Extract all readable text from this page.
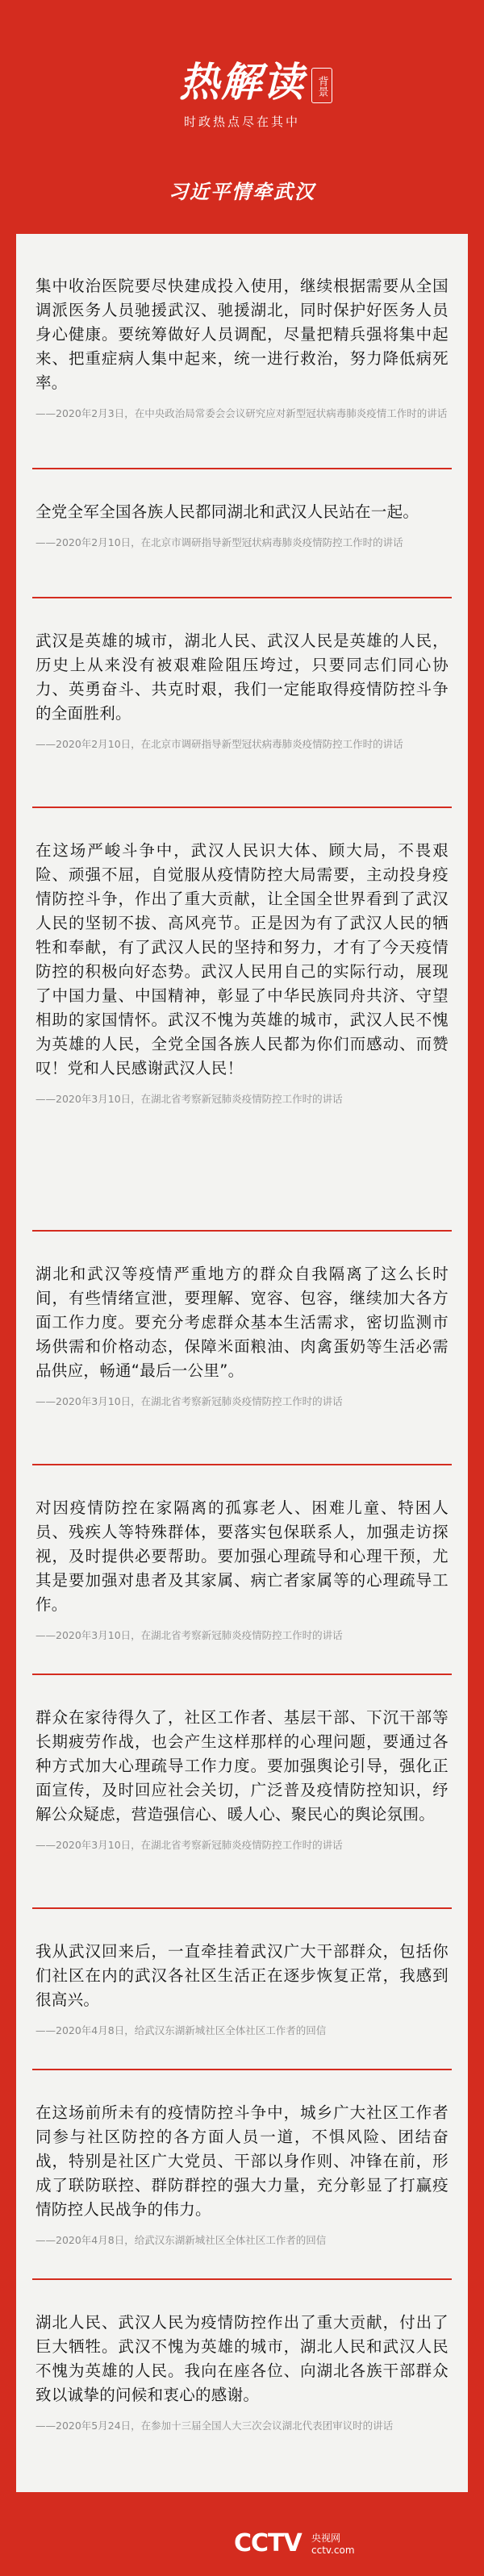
热解读	背景
时政热点尽在其中
习近平情牵武汉
集中收治医院要尽快建成投入使用，继续根据需要从全国调派医务人员驰援武汉、驰援湖北，同时保护好医务人员身心健康。要统筹做好人员调配，尽量把精兵强将集中起来、把重症病人集中起来，统一进行救治，努力降低病死率。
——2020年2月3日，在中央政治局常委会会议研究应对新型冠状病毒肺炎疫情工作时的讲话
全党全军全国各族人民都同湖北和武汉人民站在一起。
——2020年2月10日，在北京市调研指导新型冠状病毒肺炎疫情防控工作时的讲话
武汉是英雄的城市，湖北人民、武汉人民是英雄的人民，历史上从来没有被艰难险阻压垮过，只要同志们同心协力、英勇奋斗、共克时艰，我们一定能取得疫情防控斗争的全面胜利。
——2020年2月10日，在北京市调研指导新型冠状病毒肺炎疫情防控工作时的讲话
在这场严峻斗争中，武汉人民识大体、顾大局，不畏艰险、顽强不屈，自觉服从疫情防控大局需要，主动投身疫情防控斗争，作出了重大贡献，让全国全世界看到了武汉人民的坚韧不拔、高风亮节。正是因为有了武汉人民的牺牲和奉献，有了武汉人民的坚持和努力，才有了今天疫情防控的积极向好态势。武汉人民用自己的实际行动，展现了中国力量、中国精神，彰显了中华民族同舟共济、守望相助的家国情怀。武汉不愧为英雄的城市，武汉人民不愧为英雄的人民，全党全国各族人民都为你们而感动、而赞叹！党和人民感谢武汉人民！
——2020年3月10日，在湖北省考察新冠肺炎疫情防控工作时的讲话
湖北和武汉等疫情严重地方的群众自我隔离了这么长时间，有些情绪宣泄，要理解、宽容、包容，继续加大各方面工作力度。要充分考虑群众基本生活需求，密切监测市场供需和价格动态，保障米面粮油、肉禽蛋奶等生活必需品供应，畅通“最后一公里”。
——2020年3月10日，在湖北省考察新冠肺炎疫情防控工作时的讲话
对因疫情防控在家隔离的孤寡老人、困难儿童、特困人员、残疾人等特殊群体，要落实包保联系人，加强走访探视，及时提供必要帮助。要加强心理疏导和心理干预，尤其是要加强对患者及其家属、病亡者家属等的心理疏导工作。
——2020年3月10日，在湖北省考察新冠肺炎疫情防控工作时的讲话
群众在家待得久了，社区工作者、基层干部、下沉干部等长期疲劳作战，也会产生这样那样的心理问题，要通过各种方式加大心理疏导工作力度。要加强舆论引导，强化正面宣传，及时回应社会关切，广泛普及疫情防控知识，纾解公众疑虑，营造强信心、暖人心、聚民心的舆论氛围。
——2020年3月10日，在湖北省考察新冠肺炎疫情防控工作时的讲话
我从武汉回来后，一直牵挂着武汉广大干部群众，包括你们社区在内的武汉各社区生活正在逐步恢复正常，我感到很高兴。
——2020年4月8日，给武汉东湖新城社区全体社区工作者的回信
在这场前所未有的疫情防控斗争中，城乡广大社区工作者同参与社区防控的各方面人员一道，不惧风险、团结奋战，特别是社区广大党员、干部以身作则、冲锋在前，形成了联防联控、群防群控的强大力量，充分彰显了打赢疫情防控人民战争的伟力。
——2020年4月8日，给武汉东湖新城社区全体社区工作者的回信
湖北人民、武汉人民为疫情防控作出了重大贡献，付出了巨大牺牲。武汉不愧为英雄的城市，湖北人民和武汉人民不愧为英雄的人民。我向在座各位、向湖北各族干部群众致以诚挚的问候和衷心的感谢。
——2020年5月24日，在参加十三届全国人大三次会议湖北代表团审议时的讲话
CCTV 央视网
cctv.com
